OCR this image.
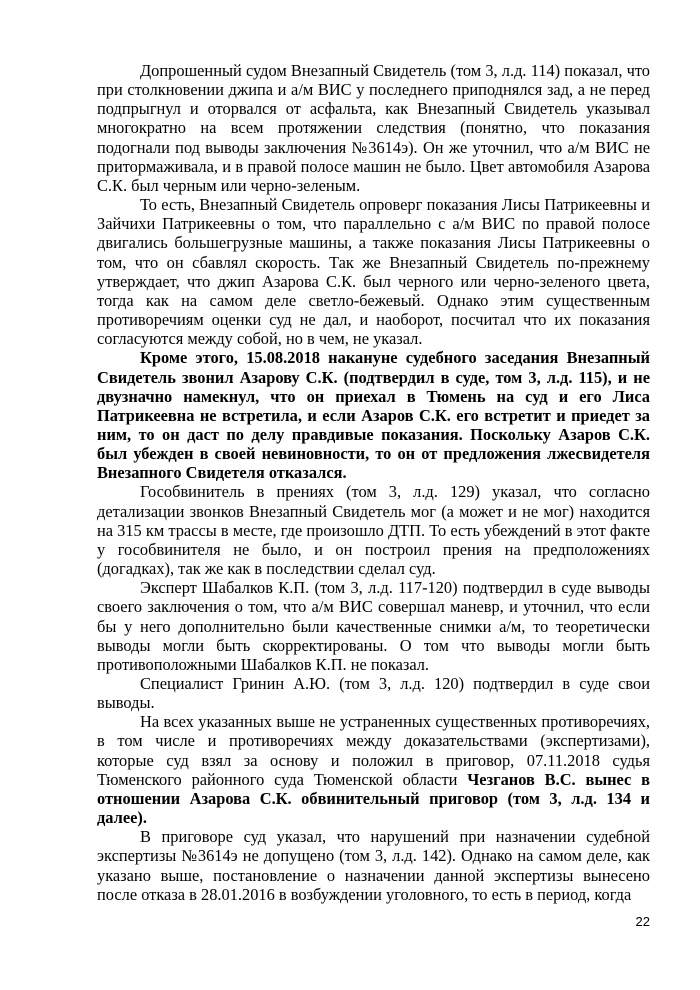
Допрошенный судом Внезапный Свидетель (том 3, л.д. 114) показал, что при столкновении джипа и а/м ВИС у последнего приподнялся зад, а не перед подпрыгнул и оторвался от асфальта, как Внезапный Свидетель указывал многократно на всем протяжении следствия (понятно, что показания подогнали под выводы заключения №3614э). Он же уточнил, что а/м ВИС не притормаживала, и в правой полосе машин не было. Цвет автомобиля Азарова С.К. был черным или черно-зеленым.

То есть, Внезапный Свидетель опроверг показания Лисы Патрикеевны и Зайчихи Патрикеевны о том, что параллельно с а/м ВИС по правой полосе двигались большегрузные машины, а также показания Лисы Патрикеевны о том, что он сбавлял скорость. Так же Внезапный Свидетель по-прежнему утверждает, что джип Азарова С.К. был черного или черно-зеленого цвета, тогда как на самом деле светло-бежевый. Однако этим существенным противоречиям оценки суд не дал, и наоборот, посчитал что их показания согласуются между собой, но в чем, не указал.

Кроме этого, 15.08.2018 накануне судебного заседания Внезапный Свидетель звонил Азарову С.К. (подтвердил в суде, том 3, л.д. 115), и не двузначно намекнул, что он приехал в Тюмень на суд и его Лиса Патрикеевна не встретила, и если Азаров С.К. его встретит и приедет за ним, то он даст по делу правдивые показания. Поскольку Азаров С.К. был убежден в своей невиновности, то он от предложения лжесвидетеля Внезапного Свидетеля отказался.

Гособвинитель в прениях (том 3, л.д. 129) указал, что согласно детализации звонков Внезапный Свидетель мог (а может и не мог) находится на 315 км трассы в месте, где произошло ДТП. То есть убеждений в этот факте у гособвинителя не было, и он построил прения на предположениях (догадках), так же как в последствии сделал суд.

Эксперт Шабалков К.П. (том 3, л.д. 117-120) подтвердил в суде выводы своего заключения о том, что а/м ВИС совершал маневр, и уточнил, что если бы у него дополнительно были качественные снимки а/м, то теоретически выводы могли быть скорректированы. О том что выводы могли быть противоположными Шабалков К.П. не показал.

Специалист Гринин А.Ю. (том 3, л.д. 120) подтвердил в суде свои выводы.

На всех указанных выше не устраненных существенных противоречиях, в том числе и противоречиях между доказательствами (экспертизами), которые суд взял за основу и положил в приговор, 07.11.2018 судья Тюменского районного суда Тюменской области Чезганов В.С. вынес в отношении Азарова С.К. обвинительный приговор (том 3, л.д. 134 и далее).

В приговоре суд указал, что нарушений при назначении судебной экспертизы №3614э не допущено (том 3, л.д. 142). Однако на самом деле, как указано выше, постановление о назначении данной экспертизы вынесено после отказа в 28.01.2016 в возбуждении уголовного, то есть в период, когда

22
